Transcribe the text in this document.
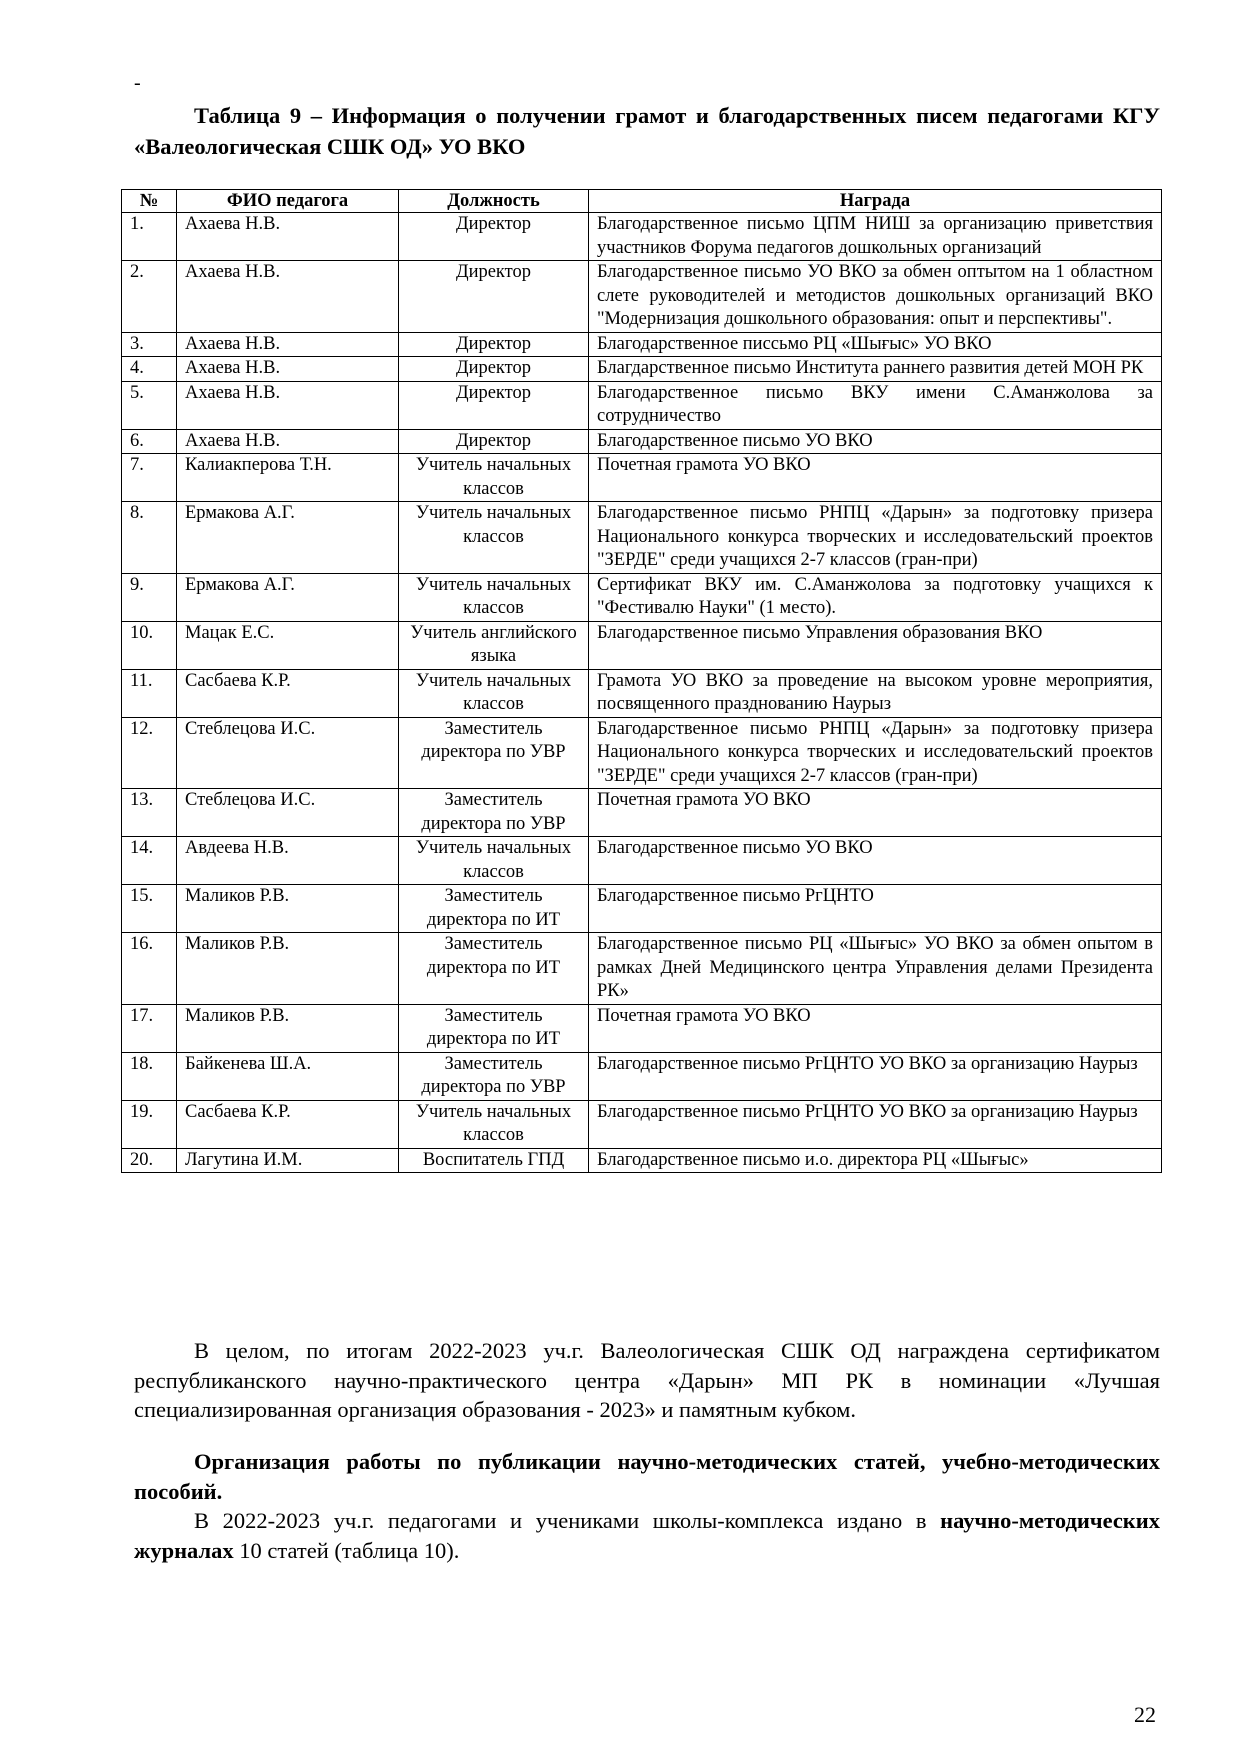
-
Таблица 9 – Информация о получении грамот и благодарственных писем педагогами КГУ «Валеологическая СШК ОД» УО ВКО
№	ФИО педагога	Должность	Награда
1.	Ахаева Н.В.	Директор	Благодарственное письмо ЦПМ НИШ за организацию приветствия участников Форума педагогов дошкольных организаций
2.	Ахаева Н.В.	Директор	Благодарственное письмо УО ВКО за обмен оптытом на 1 областном слете руководителей и методистов дошкольных организаций ВКО "Модернизация дошкольного образования: опыт и перспективы".
3.	Ахаева Н.В.	Директор	Благодарственное писсьмо РЦ «Шығыс» УО ВКО
4.	Ахаева Н.В.	Директор	Благдарственное письмо Института раннего развития детей МОН РК
5.	Ахаева Н.В.	Директор	Благодарственное письмо ВКУ имени С.Аманжолова за сотрудничество
6.	Ахаева Н.В.	Директор	Благодарственное письмо УО ВКО
7.	Калиакперова Т.Н.	Учитель начальных классов	Почетная грамота УО ВКО
8.	Ермакова А.Г.	Учитель начальных классов	Благодарственное письмо РНПЦ «Дарын» за подготовку призера Национального конкурса творческих и исследовательский проектов "ЗЕРДЕ" среди учащихся 2-7 классов (гран-при)
9.	Ермакова А.Г.	Учитель начальных классов	Сертификат ВКУ им. С.Аманжолова за подготовку учащихся к "Фестивалю Науки" (1 место).
10.	Мацак Е.С.	Учитель английского языка	Благодарственное письмо Управления образования ВКО
11.	Сасбаева К.Р.	Учитель начальных классов	Грамота УО ВКО за проведение на высоком уровне мероприятия, посвященного празднованию Наурыз
12.	Стеблецова И.С.	Заместитель директора по УВР	Благодарственное письмо РНПЦ «Дарын» за подготовку призера Национального конкурса творческих и исследовательский проектов "ЗЕРДЕ" среди учащихся 2-7 классов (гран-при)
13.	Стеблецова И.С.	Заместитель директора по УВР	Почетная грамота УО ВКО
14.	Авдеева Н.В.	Учитель начальных классов	Благодарственное письмо УО ВКО
15.	Маликов Р.В.	Заместитель директора по ИТ	Благодарственное письмо РгЦНТО
16.	Маликов Р.В.	Заместитель директора по ИТ	Благодарственное письмо РЦ «Шығыс» УО ВКО за обмен опытом в рамках Дней Медицинского центра Управления делами Президента РК»
17.	Маликов Р.В.	Заместитель директора по ИТ	Почетная грамота УО ВКО
18.	Байкенева Ш.А.	Заместитель директора по УВР	Благодарственное письмо РгЦНТО УО ВКО за организацию Наурыз
19.	Сасбаева К.Р.	Учитель начальных классов	Благодарственное письмо РгЦНТО УО ВКО за организацию Наурыз
20.	Лагутина И.М.	Воспитатель ГПД	Благодарственное письмо и.о. директора РЦ «Шығыс»
В целом, по итогам 2022-2023 уч.г. Валеологическая СШК ОД награждена сертификатом республиканского научно-практического центра «Дарын» МП РК в номинации «Лучшая специализированная организация образования - 2023» и памятным кубком.
Организация работы по публикации научно-методических статей, учебно-методических пособий.
В 2022-2023 уч.г. педагогами и учениками школы-комплекса издано в научно-методических журналах 10 статей (таблица 10).
22
